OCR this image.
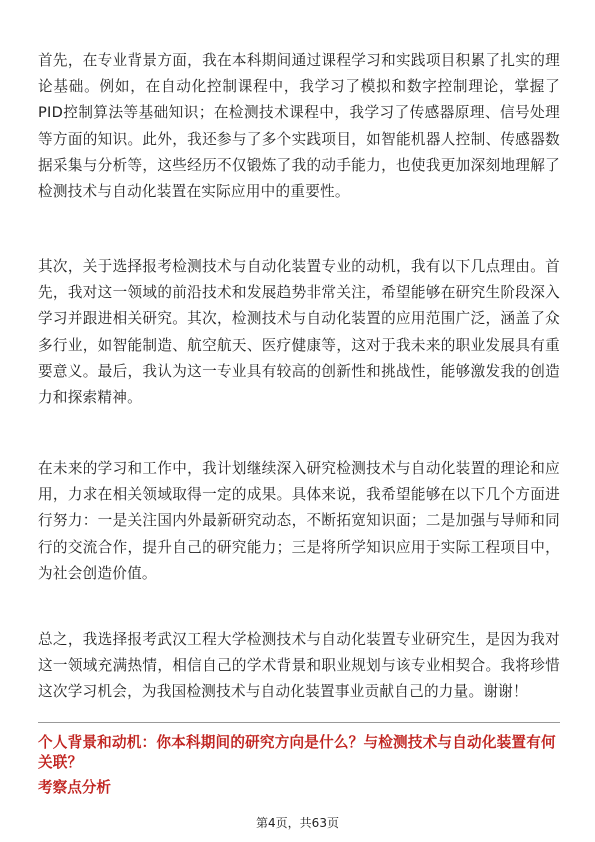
首先，在专业背景方面，我在本科期间通过课程学习和实践项目积累了扎实的理论基础。例如，在自动化控制课程中，我学习了模拟和数字控制理论，掌握了PID控制算法等基础知识；在检测技术课程中，我学习了传感器原理、信号处理等方面的知识。此外，我还参与了多个实践项目，如智能机器人控制、传感器数据采集与分析等，这些经历不仅锻炼了我的动手能力，也使我更加深刻地理解了检测技术与自动化装置在实际应用中的重要性。

其次，关于选择报考检测技术与自动化装置专业的动机，我有以下几点理由。首先，我对这一领域的前沿技术和发展趋势非常关注，希望能够在研究生阶段深入学习并跟进相关研究。其次，检测技术与自动化装置的应用范围广泛，涵盖了众多行业，如智能制造、航空航天、医疗健康等，这对于我未来的职业发展具有重要意义。最后，我认为这一专业具有较高的创新性和挑战性，能够激发我的创造力和探索精神。

在未来的学习和工作中，我计划继续深入研究检测技术与自动化装置的理论和应用，力求在相关领域取得一定的成果。具体来说，我希望能够在以下几个方面进行努力：一是关注国内外最新研究动态，不断拓宽知识面；二是加强与导师和同行的交流合作，提升自己的研究能力；三是将所学知识应用于实际工程项目中，为社会创造价值。

总之，我选择报考武汉工程大学检测技术与自动化装置专业研究生，是因为我对这一领域充满热情，相信自己的学术背景和职业规划与该专业相契合。我将珍惜这次学习机会，为我国检测技术与自动化装置事业贡献自己的力量。谢谢！

个人背景和动机：你本科期间的研究方向是什么？与检测技术与自动化装置有何关联？

考察点分析

第4页，共63页
